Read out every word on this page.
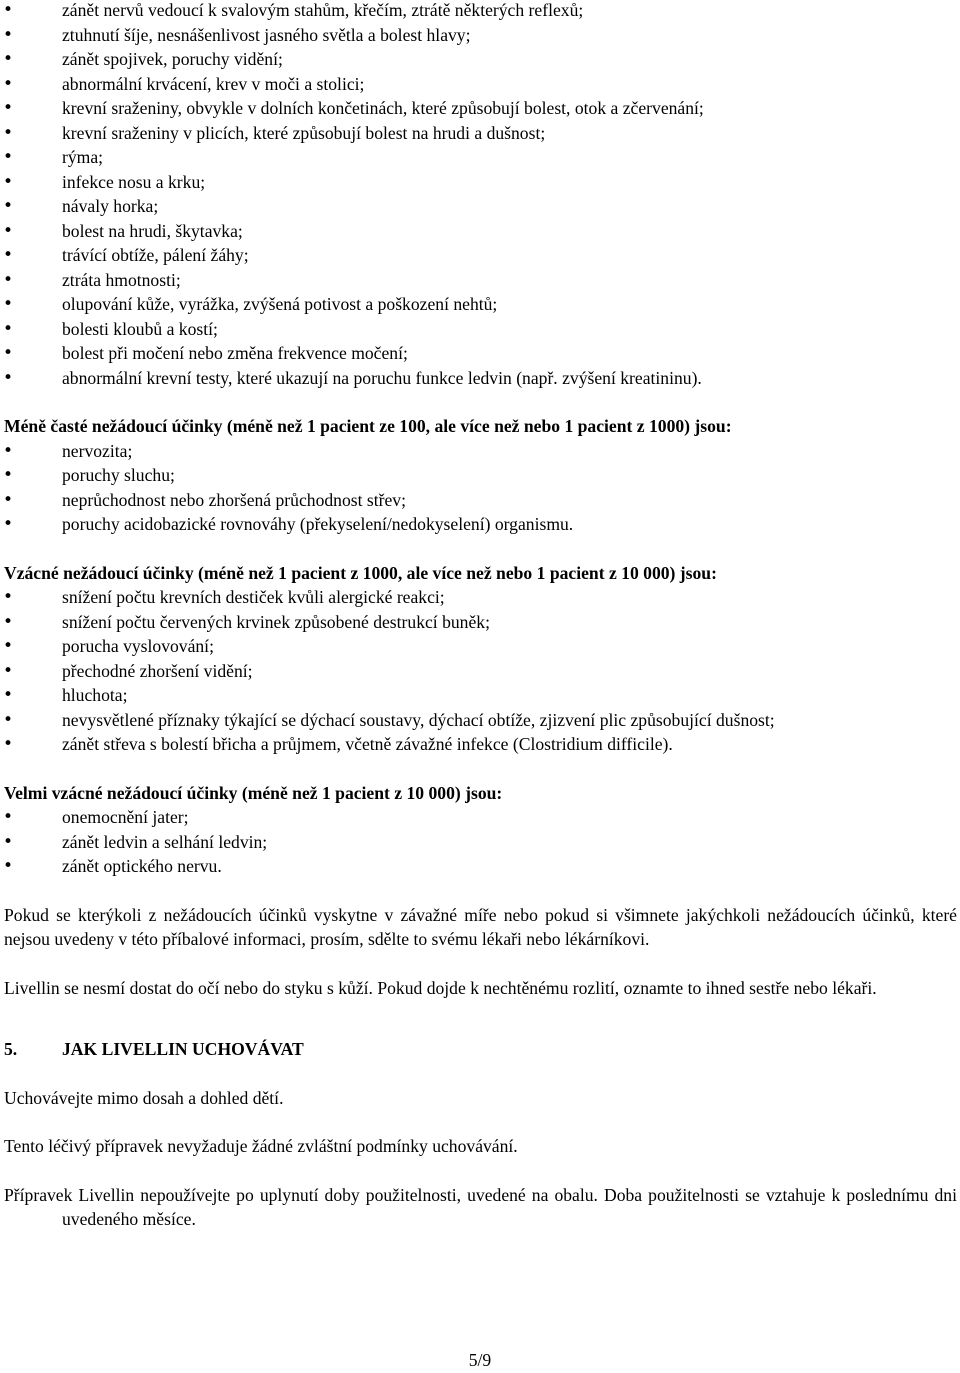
• zánět nervů vedoucí k svalovým stahům, křečím, ztrátě některých reflexů;
• ztuhnutí šíje, nesnášenlivost jasného světla a bolest hlavy;
• zánět spojivek, poruchy vidění;
• abnormální krvácení, krev v moči a stolici;
• krevní sraženiny, obvykle v dolních končetinách, které způsobují bolest, otok a zčervenání;
• krevní sraženiny v plicích, které způsobují bolest na hrudi a dušnost;
• rýma;
• infekce nosu a krku;
• návaly horka;
• bolest na hrudi, škytavka;
• trávící obtíže, pálení žáhy;
• ztráta hmotnosti;
• olupování kůže, vyrážka, zvýšená potivost a poškození nehtů;
• bolesti kloubů a kostí;
• bolest při močení nebo změna frekvence močení;
• abnormální krevní testy, které ukazují na poruchu funkce ledvin (např. zvýšení kreatininu).

Méně časté nežádoucí účinky (méně než 1 pacient ze 100, ale více než nebo 1 pacient z 1000) jsou:

• nervozita;
• poruchy sluchu;
• neprůchodnost nebo zhoršená průchodnost střev;
• poruchy acidobazické rovnováhy (překyselení/nedokyselení) organismu.

Vzácné nežádoucí účinky (méně než 1 pacient z 1000, ale více než nebo 1 pacient z 10 000) jsou:

• snížení počtu krevních destiček kvůli alergické reakci;
• snížení počtu červených krvinek způsobené destrukcí buněk;
• porucha vyslovování;
• přechodné zhoršení vidění;
• hluchota;
• nevysvětlené příznaky týkající se dýchací soustavy, dýchací obtíže, zjizvení plic způsobující dušnost;
• zánět střeva s bolestí břicha a průjmem, včetně závažné infekce (Clostridium difficile).

Velmi vzácné nežádoucí účinky (méně než 1 pacient z 10 000) jsou:

• onemocnění jater;
• zánět ledvin a selhání ledvin;
• zánět optického nervu.

Pokud se kterýkoli z nežádoucích účinků vyskytne v závažné míře nebo pokud si všimnete jakýchkoli nežádoucích účinků, které nejsou uvedeny v této příbalové informaci, prosím, sdělte to svému lékaři nebo lékárníkovi.

Livellin se nesmí dostat do očí nebo do styku s kůží. Pokud dojde k nechtěnému rozlití, oznamte to ihned sestře nebo lékaři.

5.	JAK LIVELLIN UCHOVÁVAT

Uchovávejte mimo dosah a dohled dětí.

Tento léčivý přípravek nevyžaduje žádné zvláštní podmínky uchovávání.

Přípravek Livellin nepoužívejte po uplynutí doby použitelnosti, uvedené na obalu. Doba použitelnosti se vztahuje k poslednímu dni uvedeného měsíce.

5/9
